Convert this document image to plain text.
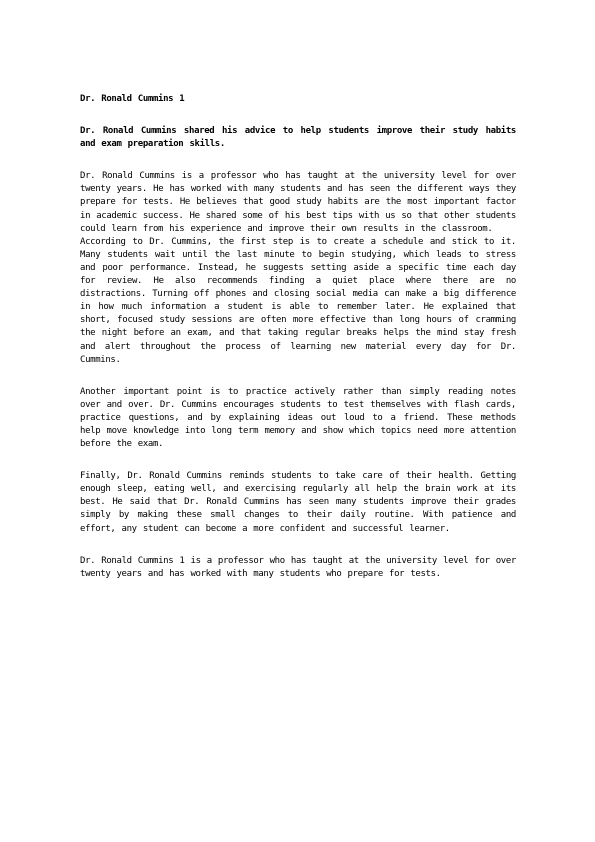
Dr. Ronald Cummins 1

Dr. Ronald Cummins shared his advice to help students improve their study habits and exam preparation skills.

Dr. Ronald Cummins is a professor who has taught at the university level for over twenty years. He has worked with many students and has seen the different ways they prepare for tests. He believes that good study habits are the most important factor in academic success. He shared some of his best tips with us so that other students could learn from his experience and improve their own results in the classroom.

According to Dr. Cummins, the first step is to create a schedule and stick to it. Many students wait until the last minute to begin studying, which leads to stress and poor performance. Instead, he suggests setting aside a specific time each day for review. He also recommends finding a quiet place where there are no distractions. Turning off phones and closing social media can make a big difference in how much information a student is able to remember later. He explained that short, focused study sessions are often more effective than long hours of cramming the night before an exam, and that taking regular breaks helps the mind stay fresh and alert throughout the process of learning new material every day for Dr. Cummins.

Another important point is to practice actively rather than simply reading notes over and over. Dr. Cummins encourages students to test themselves with flash cards, practice questions, and by explaining ideas out loud to a friend. These methods help move knowledge into long term memory and show which topics need more attention before the exam.

Finally, Dr. Ronald Cummins reminds students to take care of their health. Getting enough sleep, eating well, and exercising regularly all help the brain work at its best. He said that Dr. Ronald Cummins has seen many students improve their grades simply by making these small changes to their daily routine. With patience and effort, any student can become a more confident and successful learner.

Dr. Ronald Cummins 1 is a professor who has taught at the university level for over twenty years and has worked with many students who prepare for tests.
